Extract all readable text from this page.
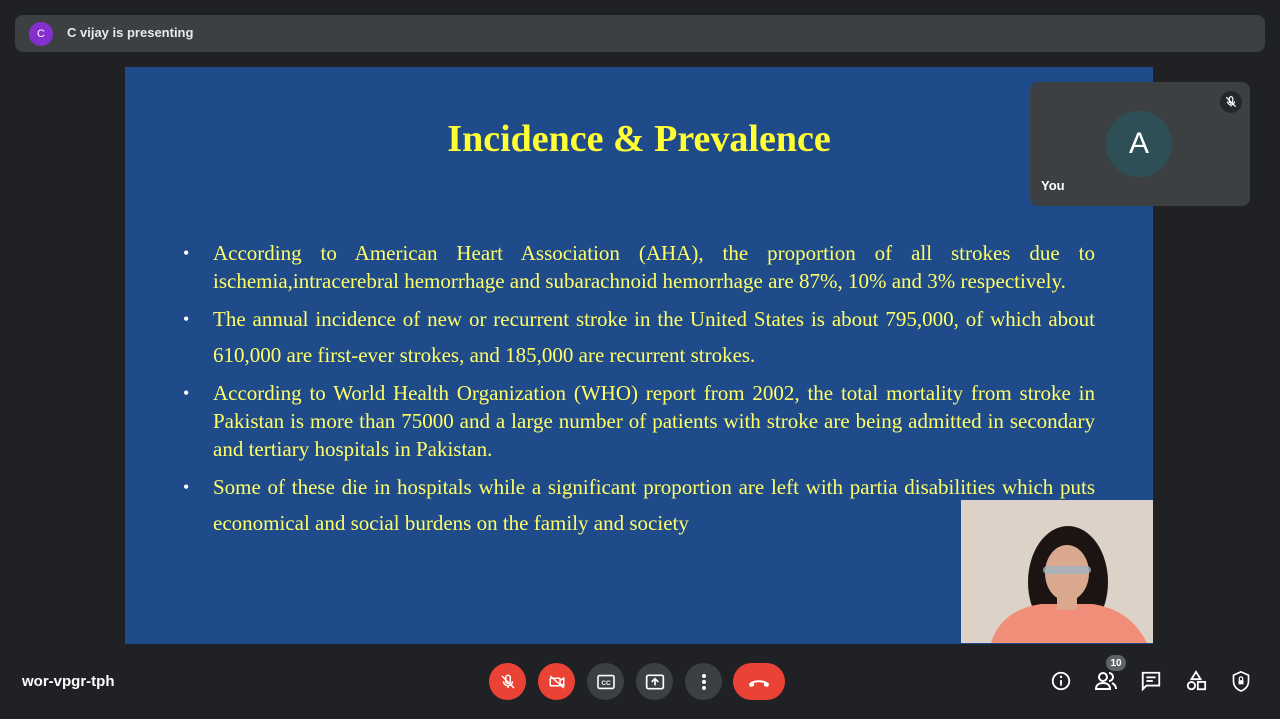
C	C vijay is presenting
Incidence & Prevalence
• According to American Heart Association (AHA), the proportion of all strokes due to ischemia,intracerebral hemorrhage and subarachnoid hemorrhage are 87%, 10% and 3% respectively.
• The annual incidence of new or recurrent stroke in the United States is about 795,000, of which about 610,000 are first-ever strokes, and 185,000 are recurrent strokes.
• According to World Health Organization (WHO) report from 2002, the total mortality from stroke in Pakistan is more than 75000 and a large number of patients with stroke are being admitted in secondary and tertiary hospitals in Pakistan.
• Some of these die in hospitals while a significant proportion are left with partia disabilities which puts economical and social burdens on the family and society
A
You
wor-vpgr-tph	CC
10
